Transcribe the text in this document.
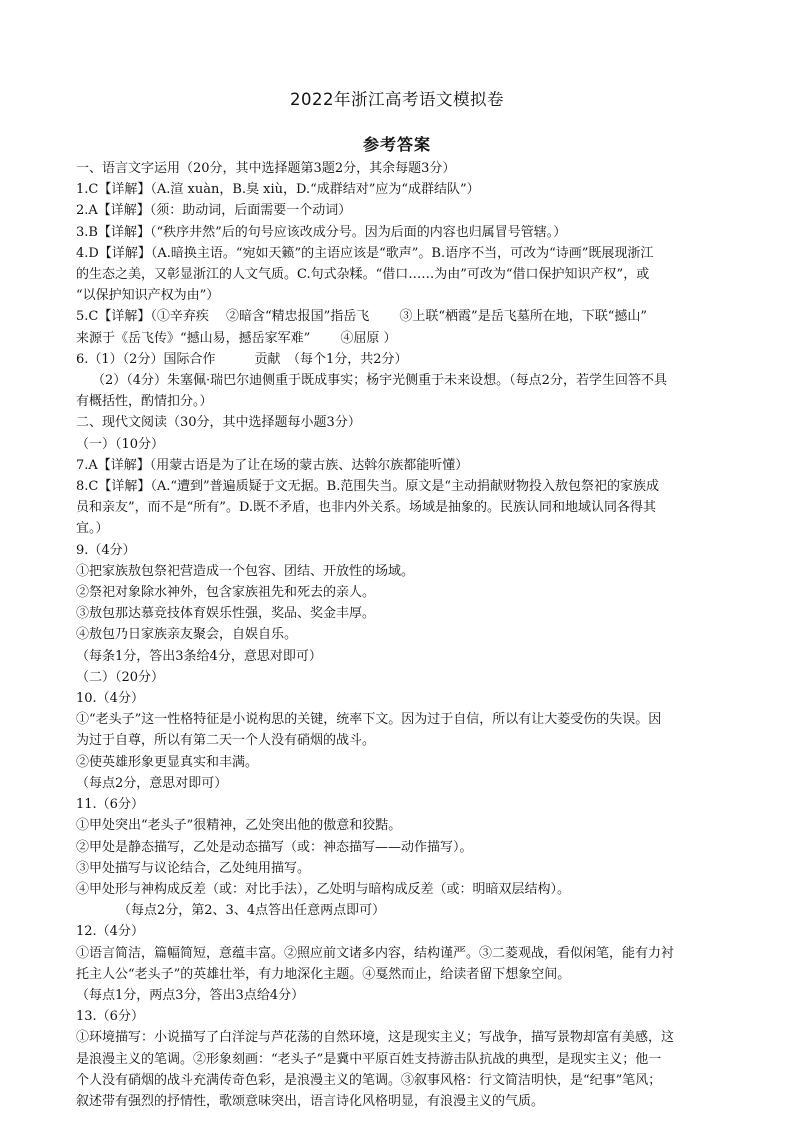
2022年浙江高考语文模拟卷
参考答案
一、语言文字运用（20分，其中选择题第3题2分，其余每题3分）
1.C【详解】（A.渲 xuàn，B.臭 xiù，D.“成群结对”应为“成群结队”）
2.A【详解】（须：助动词，后面需要一个动词）
3.B【详解】（“秩序井然”后的句号应该改成分号。因为后面的内容也归属冒号管辖。）
4.D【详解】（A.暗换主语。“宛如天籁”的主语应该是“歌声”。B.语序不当，可改为“诗画”既展现浙江
的生态之美，又彰显浙江的人文气质。C.句式杂糅。“借口……为由”可改为“借口保护知识产权”，或
“以保护知识产权为由”）
5.C【详解】（①辛弃疾　 ②暗含“精忠报国”指岳飞　　 ③上联“栖霞”是岳飞墓所在地，下联“撼山”
来源于《岳飞传》“撼山易，撼岳家军难”　　 ④屈原 ）
6.（1）（2分）国际合作　　　贡献　（每个1分，共2分）
（2）（4分）朱塞佩·瑞巴尔迪侧重于既成事实；杨宇光侧重于未来设想。（每点2分，若学生回答不具
有概括性，酌情扣分。）
二、现代文阅读（30分，其中选择题每小题3分）
（一）（10分）
7.A【详解】（用蒙古语是为了让在场的蒙古族、达斡尔族都能听懂）
8.C【详解】（A.“遭到”普遍质疑于文无据。B.范围失当。原文是“主动捐献财物投入敖包祭祀的家族成
员和亲友”，而不是“所有”。D.既不矛盾，也非内外关系。场域是抽象的。民族认同和地域认同各得其
宜。）
9.（4分）
①把家族敖包祭祀营造成一个包容、团结、开放性的场域。
②祭祀对象除水神外，包含家族祖先和死去的亲人。
③敖包那达慕竞技体育娱乐性强，奖品、奖金丰厚。
④敖包乃日家族亲友聚会，自娱自乐。
（每条1分，答出3条给4分，意思对即可）
（二）（20分）
10.（4分）
①“老头子”这一性格特征是小说构思的关键，统率下文。因为过于自信，所以有让大菱受伤的失误。因
为过于自尊，所以有第二天一个人没有硝烟的战斗。
②使英雄形象更显真实和丰满。
（每点2分，意思对即可）
11.（6分）
①甲处突出“老头子”很精神，乙处突出他的傲意和狡黠。
②甲处是静态描写，乙处是动态描写（或：神态描写——动作描写）。
③甲处描写与议论结合，乙处纯用描写。
④甲处形与神构成反差（或：对比手法），乙处明与暗构成反差（或：明暗双层结构）。
（每点2分，第2、3、4点答出任意两点即可）
12.（4分）
①语言简洁，篇幅简短，意蕴丰富。②照应前文诸多内容，结构谨严。③二菱观战，看似闲笔，能有力衬
托主人公“老头子”的英雄壮举，有力地深化主题。④戛然而止，给读者留下想象空间。
（每点1分，两点3分，答出3点给4分）
13.（6分）
①环境描写：小说描写了白洋淀与芦花荡的自然环境，这是现实主义；写战争，描写景物却富有美感，这
是浪漫主义的笔调。②形象刻画：“老头子”是冀中平原百姓支持游击队抗战的典型，是现实主义；他一
个人没有硝烟的战斗充满传奇色彩，是浪漫主义的笔调。③叙事风格：行文简洁明快，是“纪事”笔风；
叙述带有强烈的抒情性，歌颂意味突出，语言诗化风格明显，有浪漫主义的气质。
